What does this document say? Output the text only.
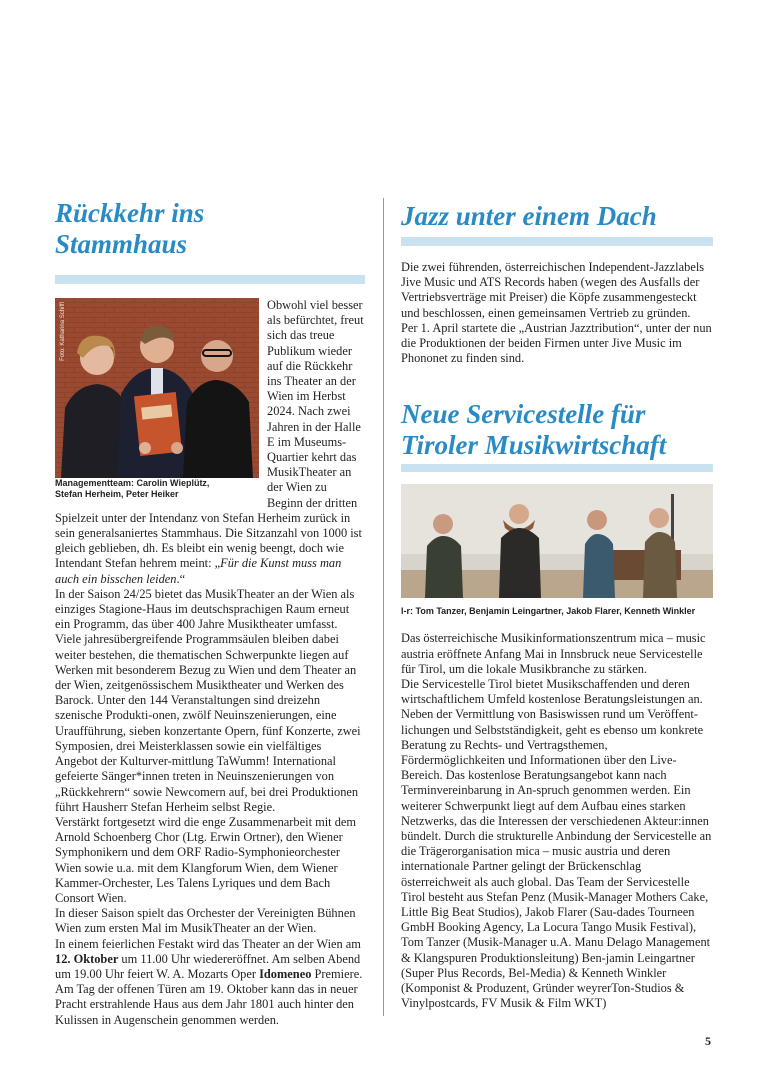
Rückkehr ins
Stammhaus
Foto: Katharina Schiffl
Managementteam: Carolin Wieplütz,
Stefan Herheim, Peter Heiker

Obwohl viel besser als befürchtet, freut sich das treue Publikum wieder auf die Rückkehr ins Theater an der Wien im Herbst 2024. Nach zwei Jahren in der Halle E im Museums-Quartier kehrt das MusikTheater an der Wien zu Beginn der dritten Spielzeit unter der Intendanz von Stefan Herheim zurück in sein generalsaniertes Stammhaus. Die Sitzanzahl von 1000 ist gleich geblieben, dh. Es bleibt ein wenig beengt, doch wie Intendant Stefan hehrem meint: „Für die Kunst muss man auch ein bisschen leiden.“

In der Saison 24/25 bietet das MusikTheater an der Wien als einziges Stagione-Haus im deutschsprachigen Raum erneut ein Programm, das über 400 Jahre Musiktheater umfasst. Viele jahresübergreifende Programmsäulen bleiben dabei weiter bestehen, die thematischen Schwerpunkte liegen auf Werken mit besonderem Bezug zu Wien und dem Theater an der Wien, zeitgenössischem Musiktheater und Werken des Barock. Unter den 144 Veranstaltungen sind dreizehn szenische Produkti-onen, zwölf Neuinszenierungen, eine Uraufführung, sieben konzertante Opern, fünf Konzerte, zwei Symposien, drei Meisterklassen sowie ein vielfältiges Angebot der Kulturver-mittlung TaWumm! International gefeierte Sänger*innen treten in Neuinszenierungen von „Rückkehrern“ sowie Newcomern auf, bei drei Produktionen führt Hausherr Stefan Herheim selbst Regie.

Verstärkt fortgesetzt wird die enge Zusammenarbeit mit dem Arnold Schoenberg Chor (Ltg. Erwin Ortner), den Wiener Symphonikern und dem ORF Radio-Symphonieorchester Wien sowie u.a. mit dem Klangforum Wien, dem Wiener Kammer-Orchester, Les Talens Lyriques und dem Bach Consort Wien.

In dieser Saison spielt das Orchester der Vereinigten Bühnen Wien zum ersten Mal im MusikTheater an der Wien.

In einem feierlichen Festakt wird das Theater an der Wien am 12. Oktober um 11.00 Uhr wiedereröffnet. Am selben Abend um 19.00 Uhr feiert W. A. Mozarts Oper Idomeneo Premiere.

Am Tag der offenen Türen am 19. Oktober kann das in neuer Pracht erstrahlende Haus aus dem Jahr 1801 auch hinter den Kulissen in Augenschein genommen werden.

Jazz unter einem Dach

Die zwei führenden, österreichischen Independent-Jazzlabels Jive Music und ATS Records haben (wegen des Ausfalls der Vertriebsverträge mit Preiser) die Köpfe zusammengesteckt und beschlossen, einen gemeinsamen Vertrieb zu gründen.

Per 1. April startete die „Austrian Jazztribution“, unter der nun die Produktionen der beiden Firmen unter Jive Music im Phononet zu finden sind.

Neue Servicestelle für
Tiroler Musikwirtschaft
l-r: Tom Tanzer, Benjamin Leingartner, Jakob Flarer, Kenneth Winkler

Das österreichische Musikinformationszentrum mica – music austria eröffnete Anfang Mai in Innsbruck neue Servicestelle für Tirol, um die lokale Musikbranche zu stärken.

Die Servicestelle Tirol bietet Musikschaffenden und deren wirtschaftlichem Umfeld kostenlose Beratungsleistungen an. Neben der Vermittlung von Basiswissen rund um Veröffent-lichungen und Selbstständigkeit, geht es ebenso um konkrete Beratung zu Rechts- und Vertragsthemen, Fördermöglichkeiten und Informationen über den Live-Bereich. Das kostenlose Beratungsangebot kann nach Terminvereinbarung in An-spruch genommen werden. Ein weiterer Schwerpunkt liegt auf dem Aufbau eines starken Netzwerks, das die Interessen der verschiedenen Akteur:innen bündelt. Durch die strukturelle Anbindung der Servicestelle an die Trägerorganisation mica – music austria und deren internationale Partner gelingt der Brückenschlag österreichweit als auch global. Das Team der Servicestelle Tirol besteht aus Stefan Penz (Musik-Manager Mothers Cake, Little Big Beat Studios), Jakob Flarer (Sau-dades Tourneen GmbH Booking Agency, La Locura Tango Musik Festival), Tom Tanzer (Musik-Manager u.A. Manu Delago Management & Klangspuren Produktionsleitung) Ben-jamin Leingartner (Super Plus Records, Bel-Media) & Kenneth Winkler (Komponist & Produzent, Gründer weyrerTon-Studios & Vinylpostcards, FV Musik & Film WKT)

5
